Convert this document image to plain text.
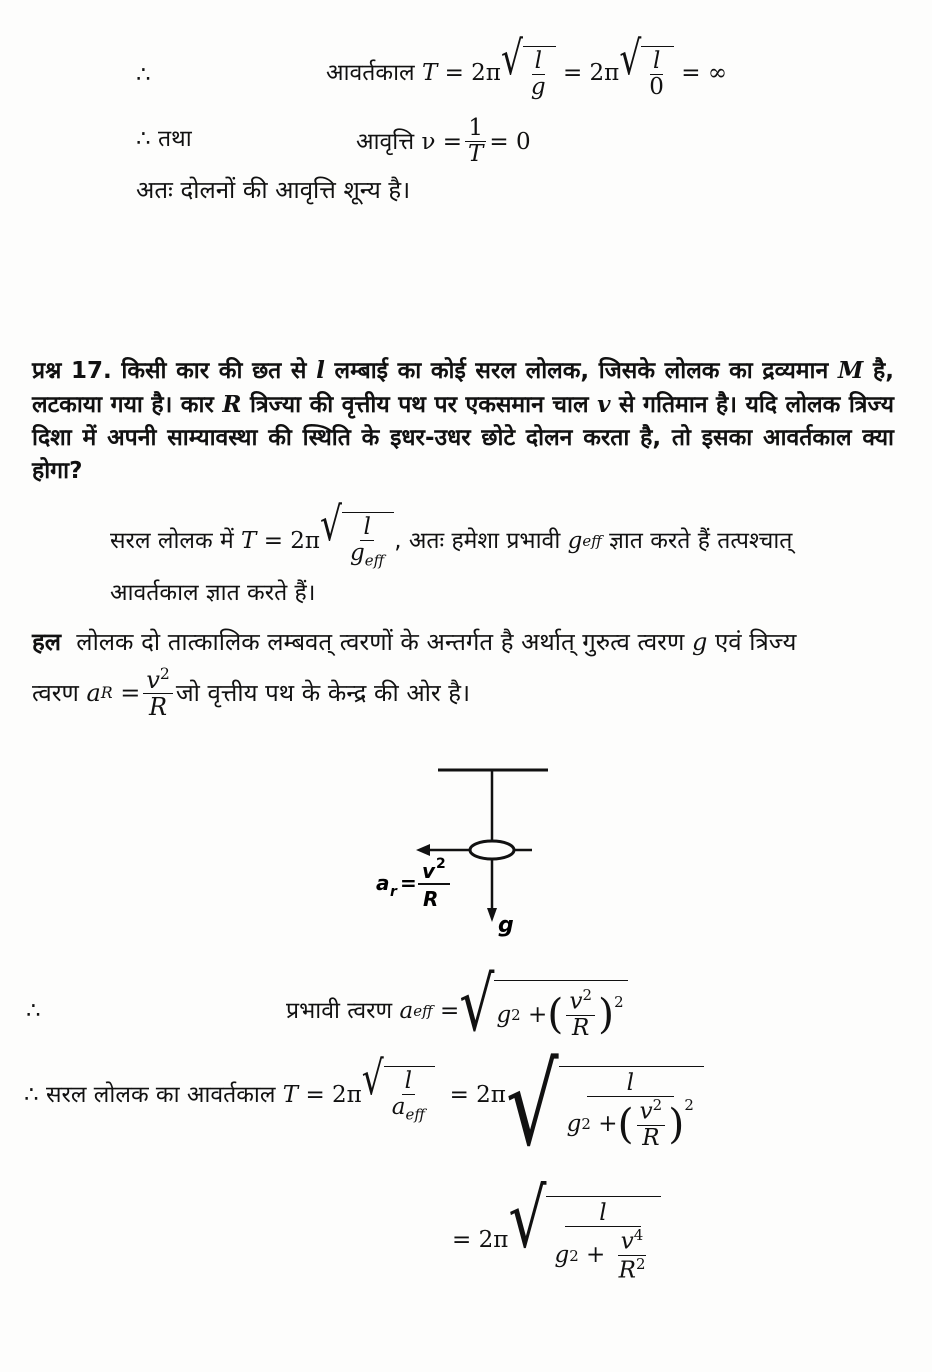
∴	आवर्तकाल
T
= 2π √ $\frac{l}{g}$
= 2π √ $\frac{l}{0}$
= ∞
∴ तथा	आवृत्ति
$\nu = \frac{1}{T} = 0$
अतः दोलनों की आवृत्ति शून्य है।
प्रश्न 17. किसी कार की छत से l लम्बाई का कोई सरल लोलक, जिसके लोलक का द्रव्यमान M है, लटकाया गया है। कार R त्रिज्या की वृत्तीय पथ पर एकसमान चाल v से गतिमान है। यदि लोलक त्रिज्य दिशा में अपनी साम्यावस्था की स्थिति के इधर-उधर छोटे दोलन करता है, तो इसका आवर्तकाल क्या होगा?
सरल लोलक में
T
= 2π √ $\frac{l}{g_{eff}}$ , अतः हमेशा प्रभावी
g eff
ज्ञात करते हैं तत्पश्चात्
आवर्तकाल ज्ञात करते हैं।
हल लोलक दो तात्कालिक लम्बवत् त्वरणों के अन्तर्गत है अर्थात् गुरुत्व त्वरण g एवं त्रिज्य
त्वरण
a R
= $\frac{v^2}{R}$ जो वृत्तीय पथ के केन्द्र की ओर है।
g
a r = v 2
R
∴	प्रभावी त्वरण
a eff
= √ g 2
+ ( $\frac{v^2}{R} )^2$
∴ सरल लोलक का आवर्तकाल
T
= 2π √ $\frac{l}{a_{eff}}$
= 2π √ l
g 2
+ ( $\frac{v^2}{R} )^2$
= 2π √ l
g 2
+
$\frac{v^4}{R^2}$
